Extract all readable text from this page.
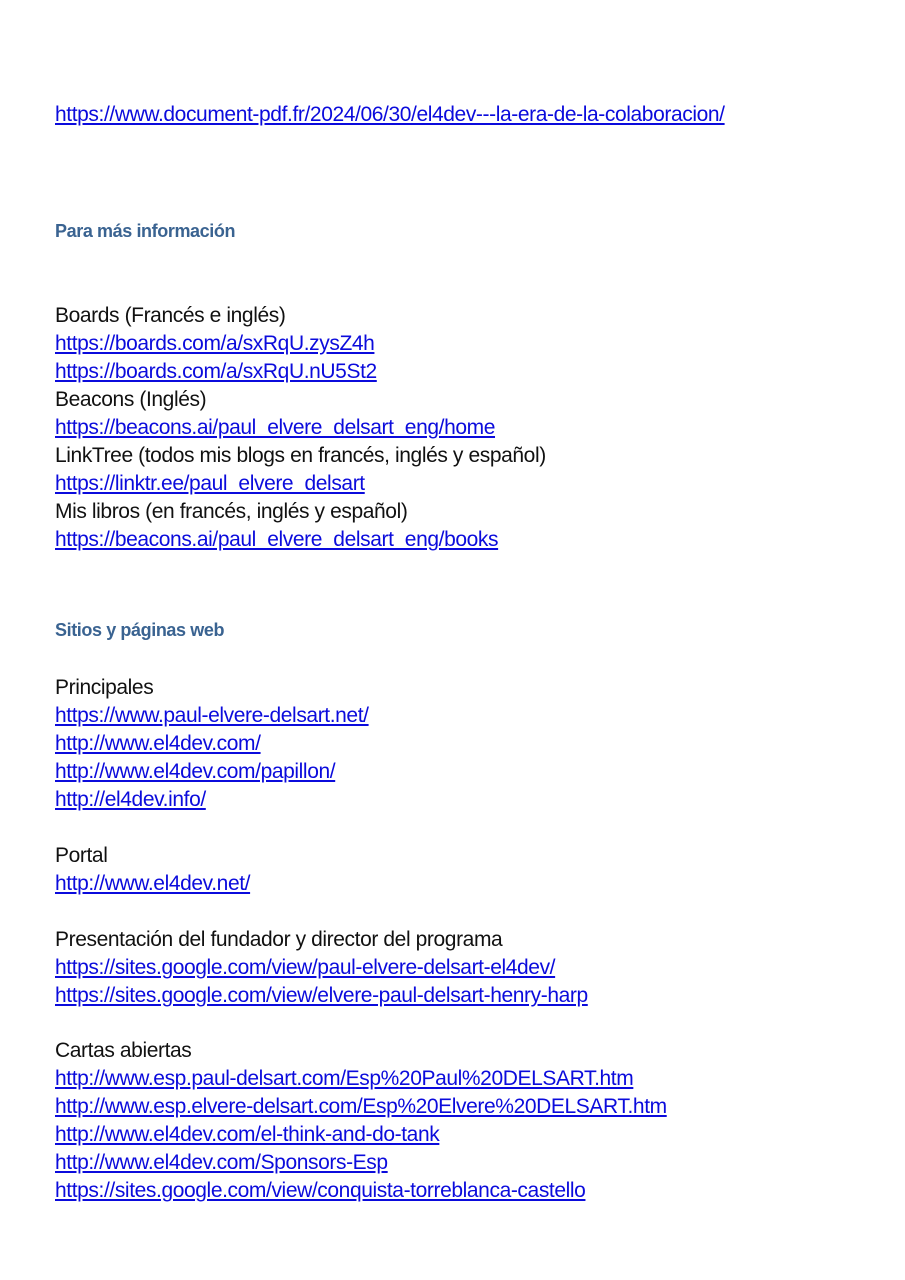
https://www.document-pdf.fr/2024/06/30/el4dev---la-era-de-la-colaboracion/
Para más información
Boards (Francés e inglés)
https://boards.com/a/sxRqU.zysZ4h
https://boards.com/a/sxRqU.nU5St2
Beacons (Inglés)
https://beacons.ai/paul_elvere_delsart_eng/home
LinkTree (todos mis blogs en francés, inglés y español)
https://linktr.ee/paul_elvere_delsart
Mis libros (en francés, inglés y español)
https://beacons.ai/paul_elvere_delsart_eng/books
Sitios y páginas web
Principales
https://www.paul-elvere-delsart.net/
http://www.el4dev.com/
http://www.el4dev.com/papillon/
http://el4dev.info/
Portal
http://www.el4dev.net/
Presentación del fundador y director del programa
https://sites.google.com/view/paul-elvere-delsart-el4dev/
https://sites.google.com/view/elvere-paul-delsart-henry-harp
Cartas abiertas
http://www.esp.paul-delsart.com/Esp%20Paul%20DELSART.htm
http://www.esp.elvere-delsart.com/Esp%20Elvere%20DELSART.htm
http://www.el4dev.com/el-think-and-do-tank
http://www.el4dev.com/Sponsors-Esp
https://sites.google.com/view/conquista-torreblanca-castello
